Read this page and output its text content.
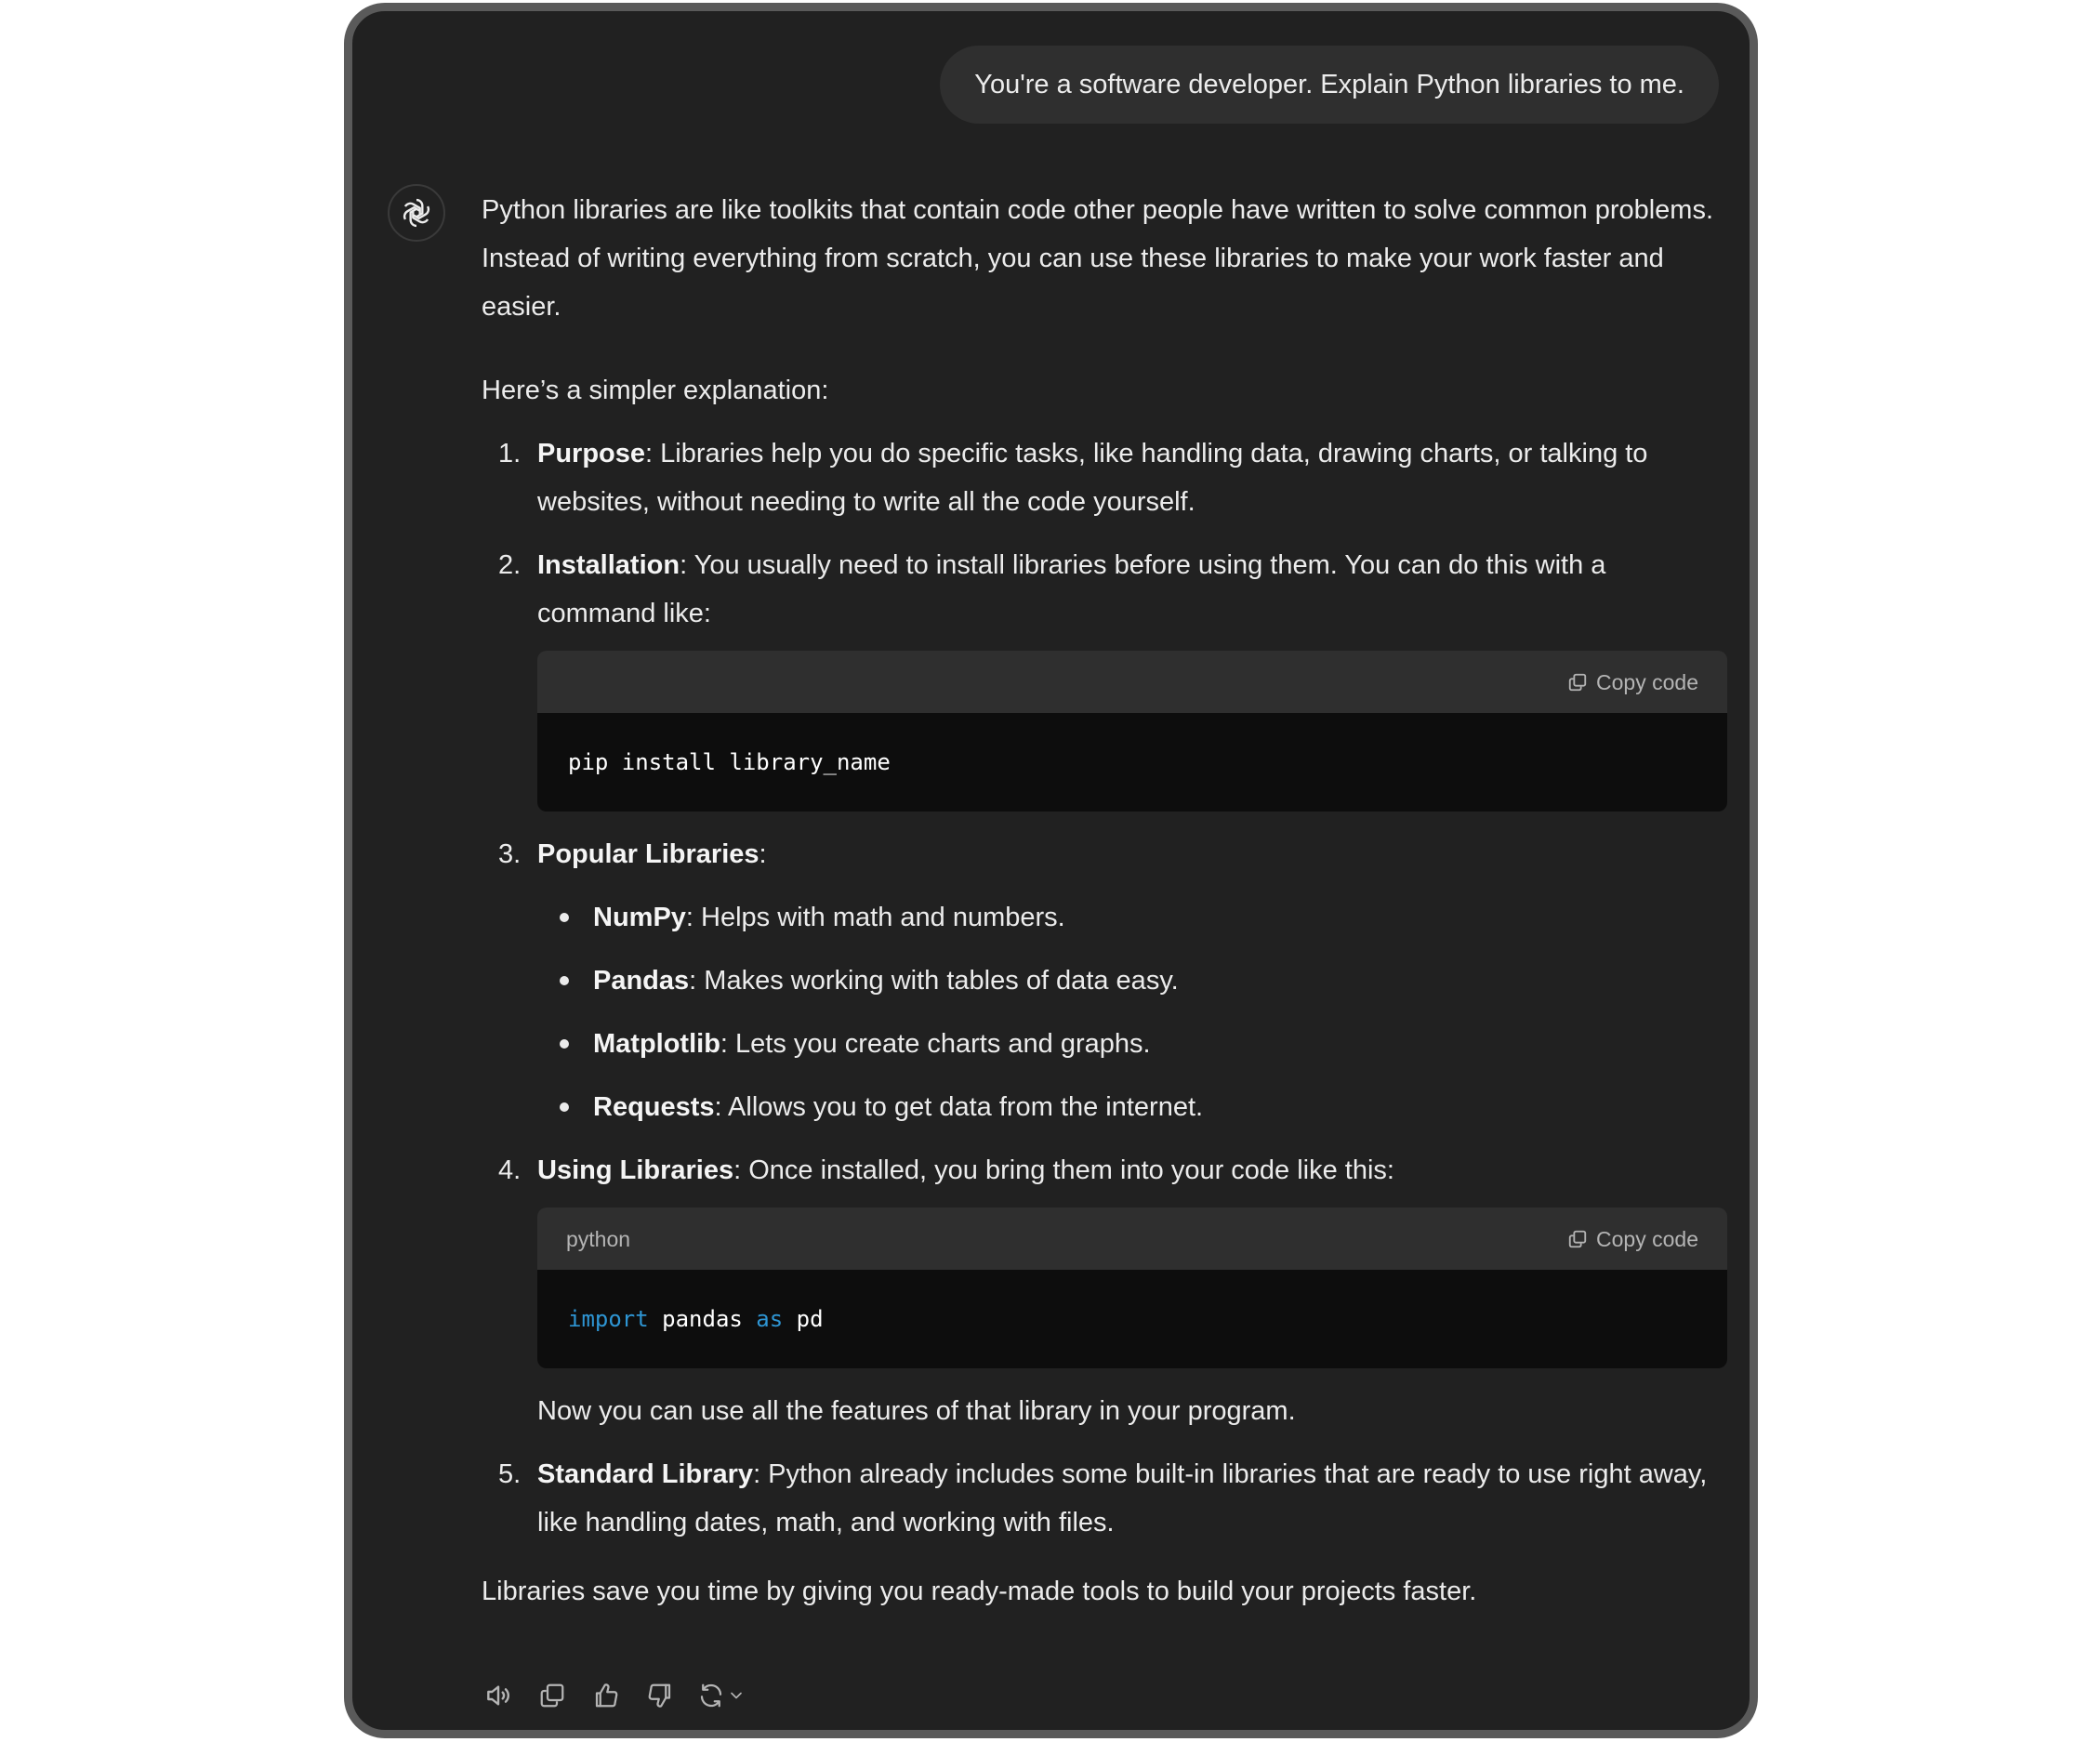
You're a software developer. Explain Python libraries to me.

Python libraries are like toolkits that contain code other people have written to solve common problems. Instead of writing everything from scratch, you can use these libraries to make your work faster and easier.

Here’s a simpler explanation:

1. Purpose: Libraries help you do specific tasks, like handling data, drawing charts, or talking to websites, without needing to write all the code yourself.
2. Installation: You usually need to install libraries before using them. You can do this with a command like:
Copy code
pip install library_name
3. Popular Libraries:
NumPy: Helps with math and numbers.
Pandas: Makes working with tables of data easy.
Matplotlib: Lets you create charts and graphs.
Requests: Allows you to get data from the internet.
4. Using Libraries: Once installed, you bring them into your code like this:
python	Copy code
import pandas as pd

Now you can use all the features of that library in your program.

5. Standard Library: Python already includes some built-in libraries that are ready to use right away, like handling dates, math, and working with files.

Libraries save you time by giving you ready-made tools to build your projects faster.
